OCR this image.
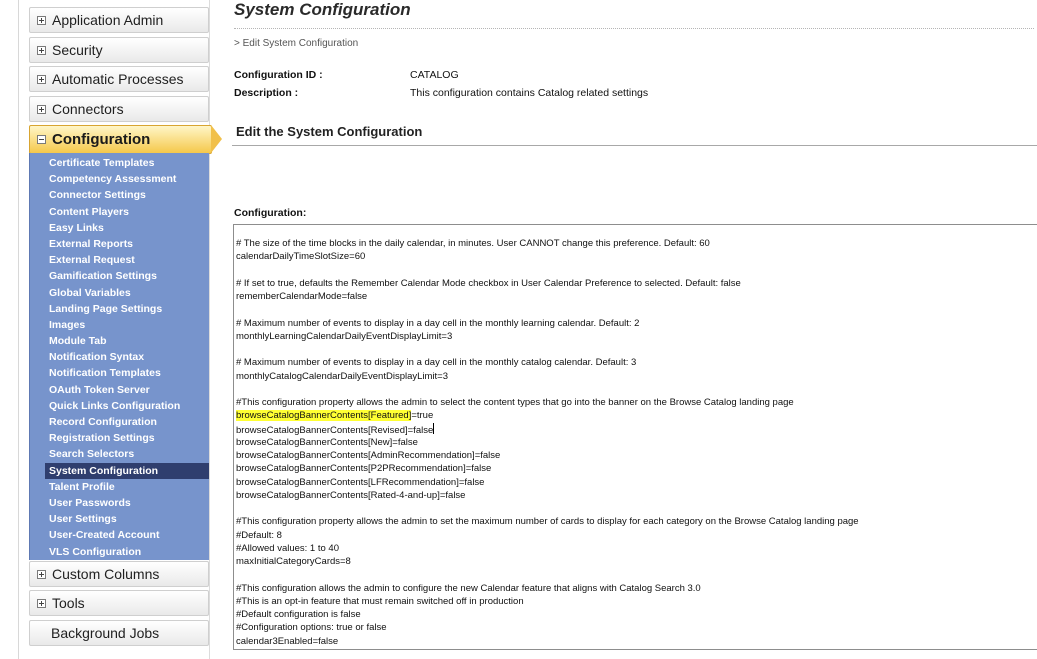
Application Admin
Security
Automatic Processes
Connectors
Configuration
Certificate Templates
Competency Assessment
Connector Settings
Content Players
Easy Links
External Reports
External Request
Gamification Settings
Global Variables
Landing Page Settings
Images
Module Tab
Notification Syntax
Notification Templates
OAuth Token Server
Quick Links Configuration
Record Configuration
Registration Settings
Search Selectors
System Configuration
Talent Profile
User Passwords
User Settings
User-Created Account
VLS Configuration
Custom Columns
Tools
Background Jobs
System Configuration
> Edit System Configuration
Configuration ID :	CATALOG
Description :	This configuration contains Catalog related settings
Edit the System Configuration
Configuration:
# The size of the time blocks in the daily calendar, in minutes. User CANNOT change this preference. Default: 60
calendarDailyTimeSlotSize=60
# If set to true, defaults the Remember Calendar Mode checkbox in User Calendar Preference to selected. Default: false
rememberCalendarMode=false
# Maximum number of events to display in a day cell in the monthly learning calendar. Default: 2
monthlyLearningCalendarDailyEventDisplayLimit=3
# Maximum number of events to display in a day cell in the monthly catalog calendar. Default: 3
monthlyCatalogCalendarDailyEventDisplayLimit=3
#This configuration property allows the admin to select the content types that go into the banner on the Browse Catalog landing page
browseCatalogBannerContents[Featured]=true
browseCatalogBannerContents[Revised]=false
browseCatalogBannerContents[New]=false
browseCatalogBannerContents[AdminRecommendation]=false
browseCatalogBannerContents[P2PRecommendation]=false
browseCatalogBannerContents[LFRecommendation]=false
browseCatalogBannerContents[Rated-4-and-up]=false
#This configuration property allows the admin to set the maximum number of cards to display for each category on the Browse Catalog landing page
#Default: 8
#Allowed values: 1 to 40
maxInitialCategoryCards=8
#This configuration allows the admin to configure the new Calendar feature that aligns with Catalog Search 3.0
#This is an opt-in feature that must remain switched off in production
#Default configuration is false
#Configuration options: true or false
calendar3Enabled=false
